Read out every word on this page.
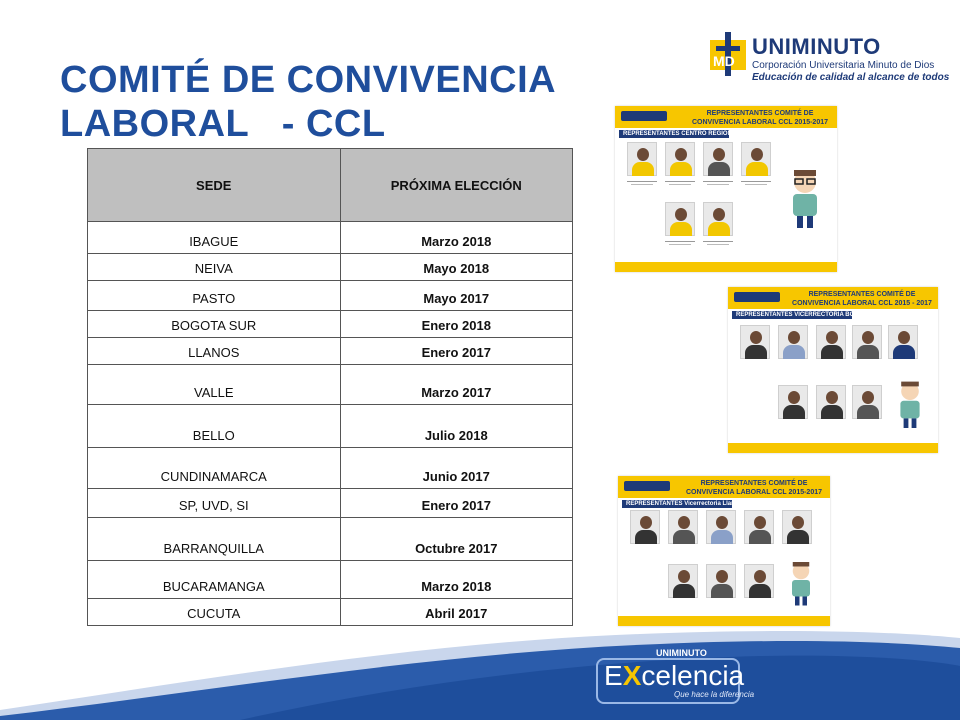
COMITÉ DE CONVIVENCIA
LABORAL   - CCL
MD
UNIMINUTO
Corporación Universitaria Minuto de Dios
Educación de calidad al alcance de todos
SEDE	PRÓXIMA ELECCIÓN
IBAGUE	Marzo 2018
NEIVA	Mayo 2018
PASTO	Mayo 2017
BOGOTA SUR	Enero 2018
LLANOS	Enero 2017
VALLE	Marzo 2017
BELLO	Julio 2018
CUNDINAMARCA	Junio 2017
SP, UVD, SI	Enero 2017
BARRANQUILLA	Octubre 2017
BUCARAMANGA	Marzo 2018
CUCUTA	Abril 2017
REPRESENTANTES COMITÉ DE CONVIVENCIA LABORAL CCL 2015-2017
REPRESENTANTES CENTRO REGIONAL PASTO
REPRESENTANTES COMITÉ DE CONVIVENCIA LABORAL CCL 2015 - 2017
REPRESENTANTES VICERRECTORIA BOGOTA SUR
REPRESENTANTES COMITÉ DE CONVIVENCIA LABORAL CCL 2015-2017
REPRESENTANTES Vicerrectoria Llanos
UNIMINUTO
EXcelencia
Que hace la diferencia
